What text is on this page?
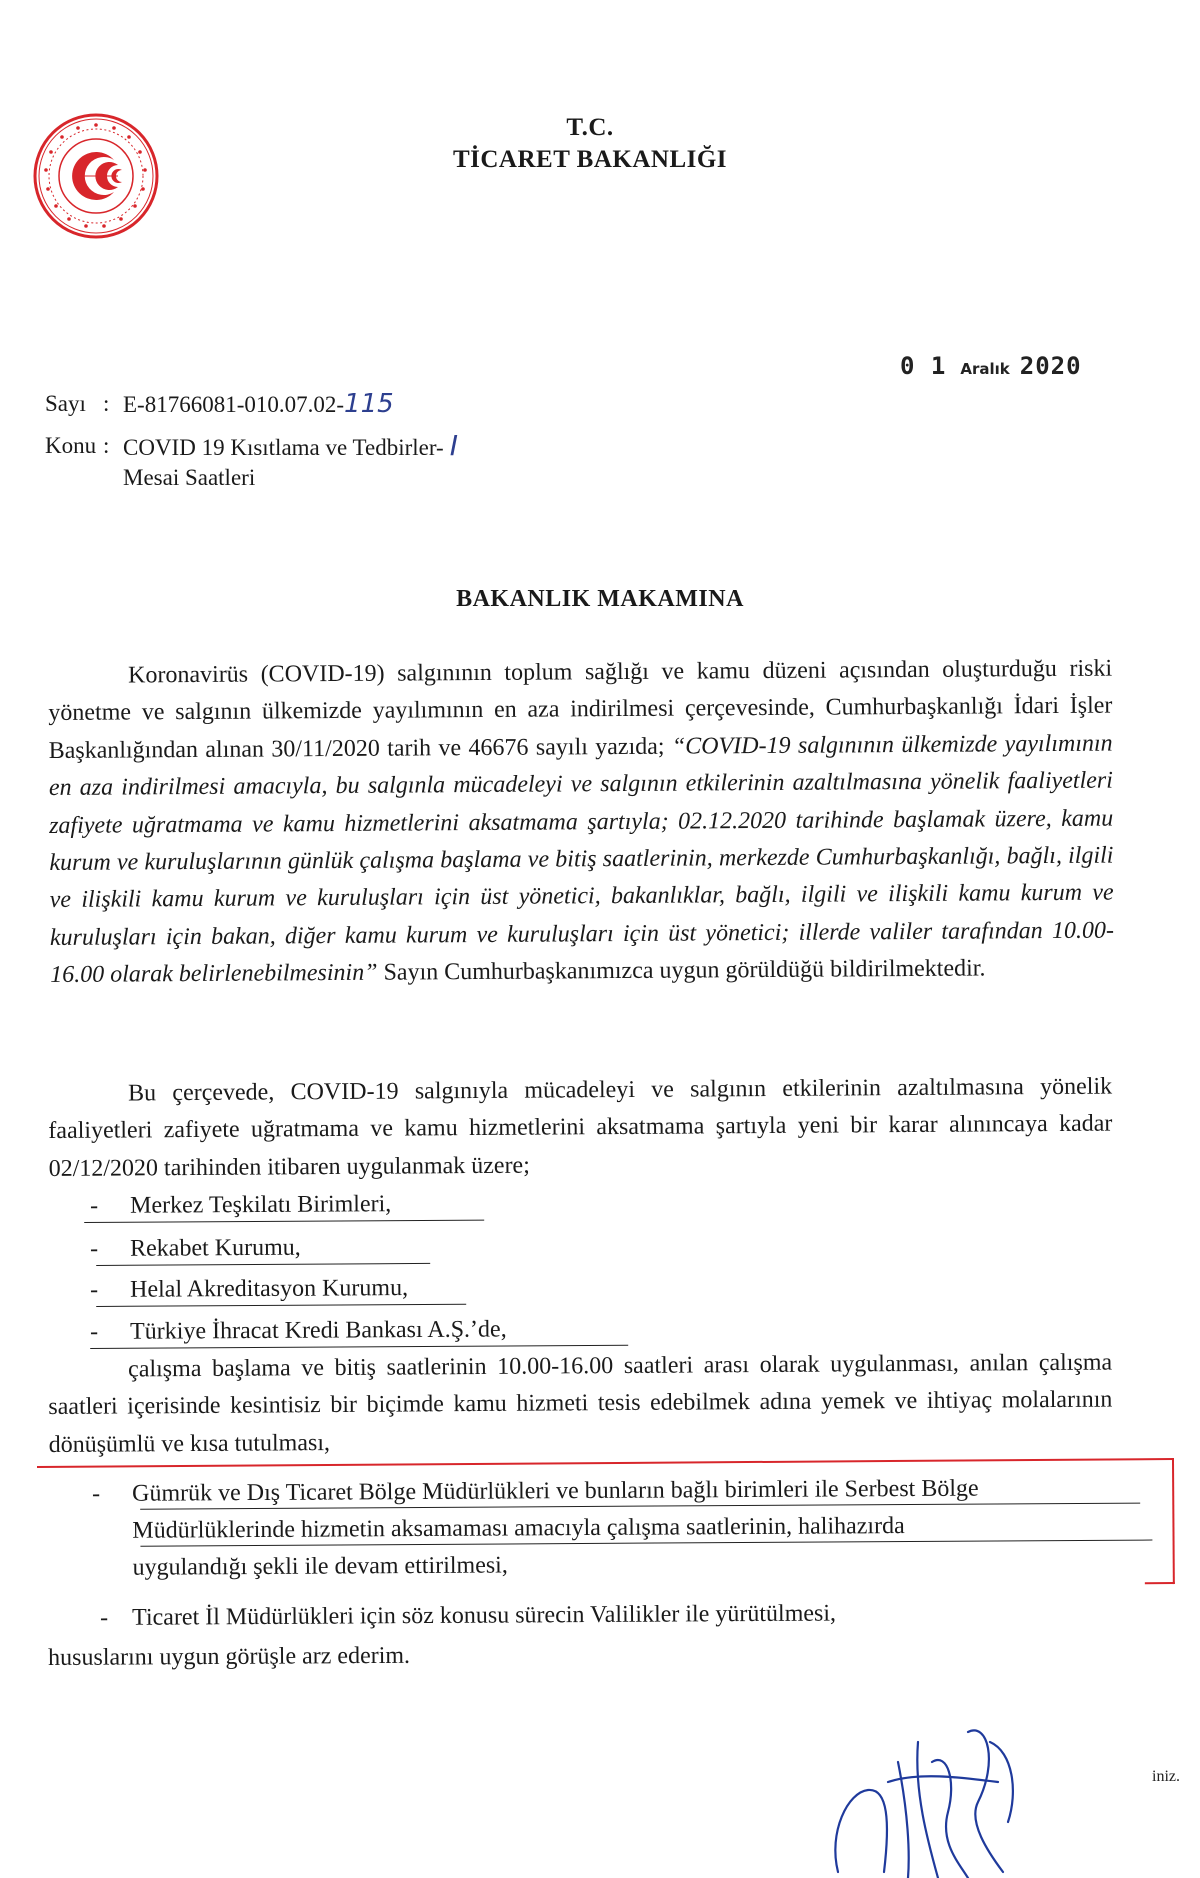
T.C.
TİCARET BAKANLIĞI
Sayı : E-81766081-010.07.02-115
Konu : COVID 19 Kısıtlama ve Tedbirler- I
Mesai Saatleri
0 1 Aralık 2020
BAKANLIK MAKAMINA

Koronavirüs (COVID-19) salgınının toplum sağlığı ve kamu düzeni açısından oluşturduğu riski yönetme ve salgının ülkemizde yayılımının en aza indirilmesi çerçevesinde, Cumhurbaşkanlığı İdari İşler Başkanlığından alınan 30/11/2020 tarih ve 46676 sayılı yazıda; “COVID-19 salgınının ülkemizde yayılımının en aza indirilmesi amacıyla, bu salgınla mücadeleyi ve salgının etkilerinin azaltılmasına yönelik faaliyetleri zafiyete uğratmama ve kamu hizmetlerini aksatmama şartıyla; 02.12.2020 tarihinde başlamak üzere, kamu kurum ve kuruluşlarının günlük çalışma başlama ve bitiş saatlerinin, merkezde Cumhurbaşkanlığı, bağlı, ilgili ve ilişkili kamu kurum ve kuruluşları için üst yönetici, bakanlıklar, bağlı, ilgili ve ilişkili kamu kurum ve kuruluşları için bakan, diğer kamu kurum ve kuruluşları için üst yönetici; illerde valiler tarafından 10.00-16.00 olarak belirlenebilmesinin” Sayın Cumhurbaşkanımızca uygun görüldüğü bildirilmektedir.

Bu çerçevede, COVID-19 salgınıyla mücadeleyi ve salgının etkilerinin azaltılmasına yönelik faaliyetleri zafiyete uğratmama ve kamu hizmetlerini aksatmama şartıyla yeni bir karar alınıncaya kadar 02/12/2020 tarihinden itibaren uygulanmak üzere;

- Merkez Teşkilatı Birimleri,
- Rekabet Kurumu,
- Helal Akreditasyon Kurumu,
- Türkiye İhracat Kredi Bankası A.Ş.’de,

çalışma başlama ve bitiş saatlerinin 10.00-16.00 saatleri arası olarak uygulanması, anılan çalışma saatleri içerisinde kesintisiz bir biçimde kamu hizmeti tesis edebilmek adına yemek ve ihtiyaç molalarının dönüşümlü ve kısa tutulması,

- Gümrük ve Dış Ticaret Bölge Müdürlükleri ve bunların bağlı birimleri ile Serbest Bölge
Müdürlüklerinde hizmetin aksamaması amacıyla çalışma saatlerinin, halihazırda
uygulandığı şekli ile devam ettirilmesi,
- Ticaret İl Müdürlükleri için söz konusu sürecin Valilikler ile yürütülmesi,
hususlarını uygun görüşle arz ederim.
iniz.
